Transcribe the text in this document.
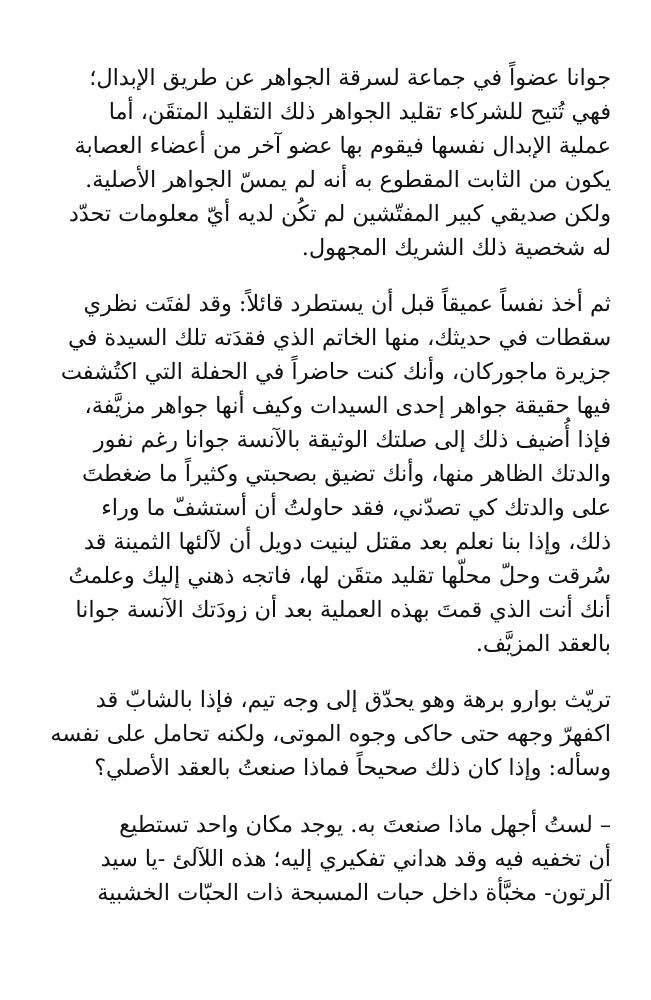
جوانا عضواً في جماعة لسرقة الجواهر عن طريق الإبدال؛
فهي تُتيح للشركاء تقليد الجواهر ذلك التقليد المتقَن، أما
عملية الإبدال نفسها فيقوم بها عضو آخر من أعضاء العصابة
يكون من الثابت المقطوع به أنه لم يمسّ الجواهر الأصلية.
ولكن صديقي كبير المفتّشين لم تكُن لديه أيّ معلومات تحدّد
له شخصية ذلك الشريك المجهول.

ثم أخذ نفساً عميقاً قبل أن يستطرد قائلاً: وقد لفتَت نظري
سقطات في حديثك، منها الخاتم الذي فقدَته تلك السيدة في
جزيرة ماجوركان، وأنك كنت حاضراً في الحفلة التي اكتُشفت
فيها حقيقة جواهر إحدى السيدات وكيف أنها جواهر مزيَّفة،
فإذا أُضيف ذلك إلى صلتك الوثيقة بالآنسة جوانا رغم نفور
والدتك الظاهر منها، وأنك تضيق بصحبتي وكثيراً ما ضغطتَ
على والدتك كي تصدّني، فقد حاولتُ أن أستشفّ ما وراء
ذلك، وإذا بنا نعلم بعد مقتل لينيت دويل أن لآلئها الثمينة قد
سُرقت وحلّ محلّها تقليد متقَن لها، فاتجه ذهني إليك وعلمتُ
أنك أنت الذي قمتَ بهذه العملية بعد أن زودَتك الآنسة جوانا
بالعقد المزيَّف.

تريّث بوارو برهة وهو يحدّق إلى وجه تيم، فإذا بالشابّ قد
اكفهرّ وجهه حتى حاكى وجوه الموتى، ولكنه تحامل على نفسه
وسأله: وإذا كان ذلك صحيحاً فماذا صنعتُ بالعقد الأصلي؟

– لستُ أجهل ماذا صنعتَ به. يوجد مكان واحد تستطيع
أن تخفيه فيه وقد هداني تفكيري إليه؛ هذه اللآلئ -يا سيد
آلرتون- مخبَّأة داخل حبات المسبحة ذات الحبّات الخشبية
